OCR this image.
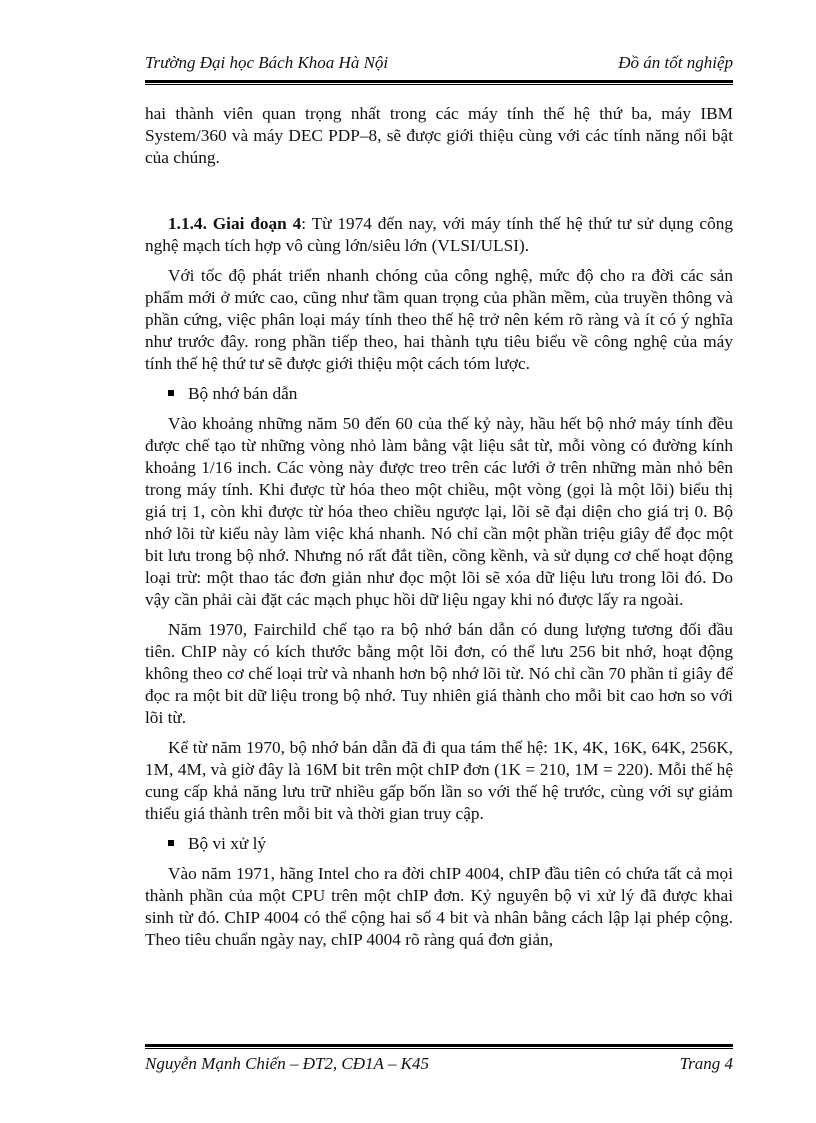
Trường Đại học Bách Khoa Hà Nội	Đồ án tốt nghiệp

hai thành viên quan trọng nhất trong các máy tính thế hệ thứ ba, máy IBM System/360 và máy DEC PDP–8, sẽ được giới thiệu cùng với các tính năng nổi bật của chúng.

1.1.4. Giai đoạn 4: Từ 1974 đến nay, với máy tính thế hệ thứ tư sử dụng công nghệ mạch tích hợp vô cùng lớn/siêu lớn (VLSI/ULSI).

Với tốc độ phát triển nhanh chóng của công nghệ, mức độ cho ra đời các sản phẩm mới ở mức cao, cũng như tầm quan trọng của phần mềm, của truyền thông và phần cứng, việc phân loại máy tính theo thế hệ trở nên kém rõ ràng và ít có ý nghĩa như trước đây. rong phần tiếp theo, hai thành tựu tiêu biểu về công nghệ của máy tính thế hệ thứ tư sẽ được giới thiệu một cách tóm lược.

Bộ nhớ bán dẫn

Vào khoảng những năm 50 đến 60 của thế kỷ này, hầu hết bộ nhớ máy tính đều được chế tạo từ những vòng nhỏ làm bằng vật liệu sắt từ, mỗi vòng có đường kính khoảng 1/16 inch. Các vòng này được treo trên các lưới ở trên những màn nhỏ bên trong máy tính. Khi được từ hóa theo một chiều, một vòng (gọi là một lõi) biểu thị giá trị 1, còn khi được từ hóa theo chiều ngược lại, lõi sẽ đại diện cho giá trị 0. Bộ nhớ lõi từ kiểu này làm việc khá nhanh. Nó chỉ cần một phần triệu giây để đọc một bit lưu trong bộ nhớ. Nhưng nó rất đắt tiền, cồng kềnh, và sử dụng cơ chế hoạt động loại trừ: một thao tác đơn giản như đọc một lõi sẽ xóa dữ liệu lưu trong lõi đó. Do vậy cần phải cài đặt các mạch phục hồi dữ liệu ngay khi nó được lấy ra ngoài.

Năm 1970, Fairchild chế tạo ra bộ nhớ bán dẫn có dung lượng tương đối đầu tiên. ChIP này có kích thước bằng một lõi đơn, có thể lưu 256 bit nhớ, hoạt động không theo cơ chế loại trừ và nhanh hơn bộ nhớ lõi từ. Nó chỉ cần 70 phần tỉ giây để đọc ra một bit dữ liệu trong bộ nhớ. Tuy nhiên giá thành cho mỗi bit cao hơn so với lõi từ.

Kể từ năm 1970, bộ nhớ bán dẫn đã đi qua tám thế hệ: 1K, 4K, 16K, 64K, 256K, 1M, 4M, và giờ đây là 16M bit trên một chIP đơn (1K = 210, 1M = 220). Mỗi thế hệ cung cấp khả năng lưu trữ nhiều gấp bốn lần so với thế hệ trước, cùng với sự giảm thiểu giá thành trên mỗi bit và thời gian truy cập.

Bộ vi xử lý

Vào năm 1971, hãng Intel cho ra đời chIP 4004, chIP đầu tiên có chứa tất cả mọi thành phần của một CPU trên một chIP đơn. Kỷ nguyên bộ vi xử lý đã được khai sinh từ đó. ChIP 4004 có thể cộng hai số 4 bit và nhân bằng cách lập lại phép cộng. Theo tiêu chuẩn ngày nay, chIP 4004 rõ ràng quá đơn giản,

Nguyễn Mạnh Chiến – ĐT2, CĐ1A – K45	Trang 4
